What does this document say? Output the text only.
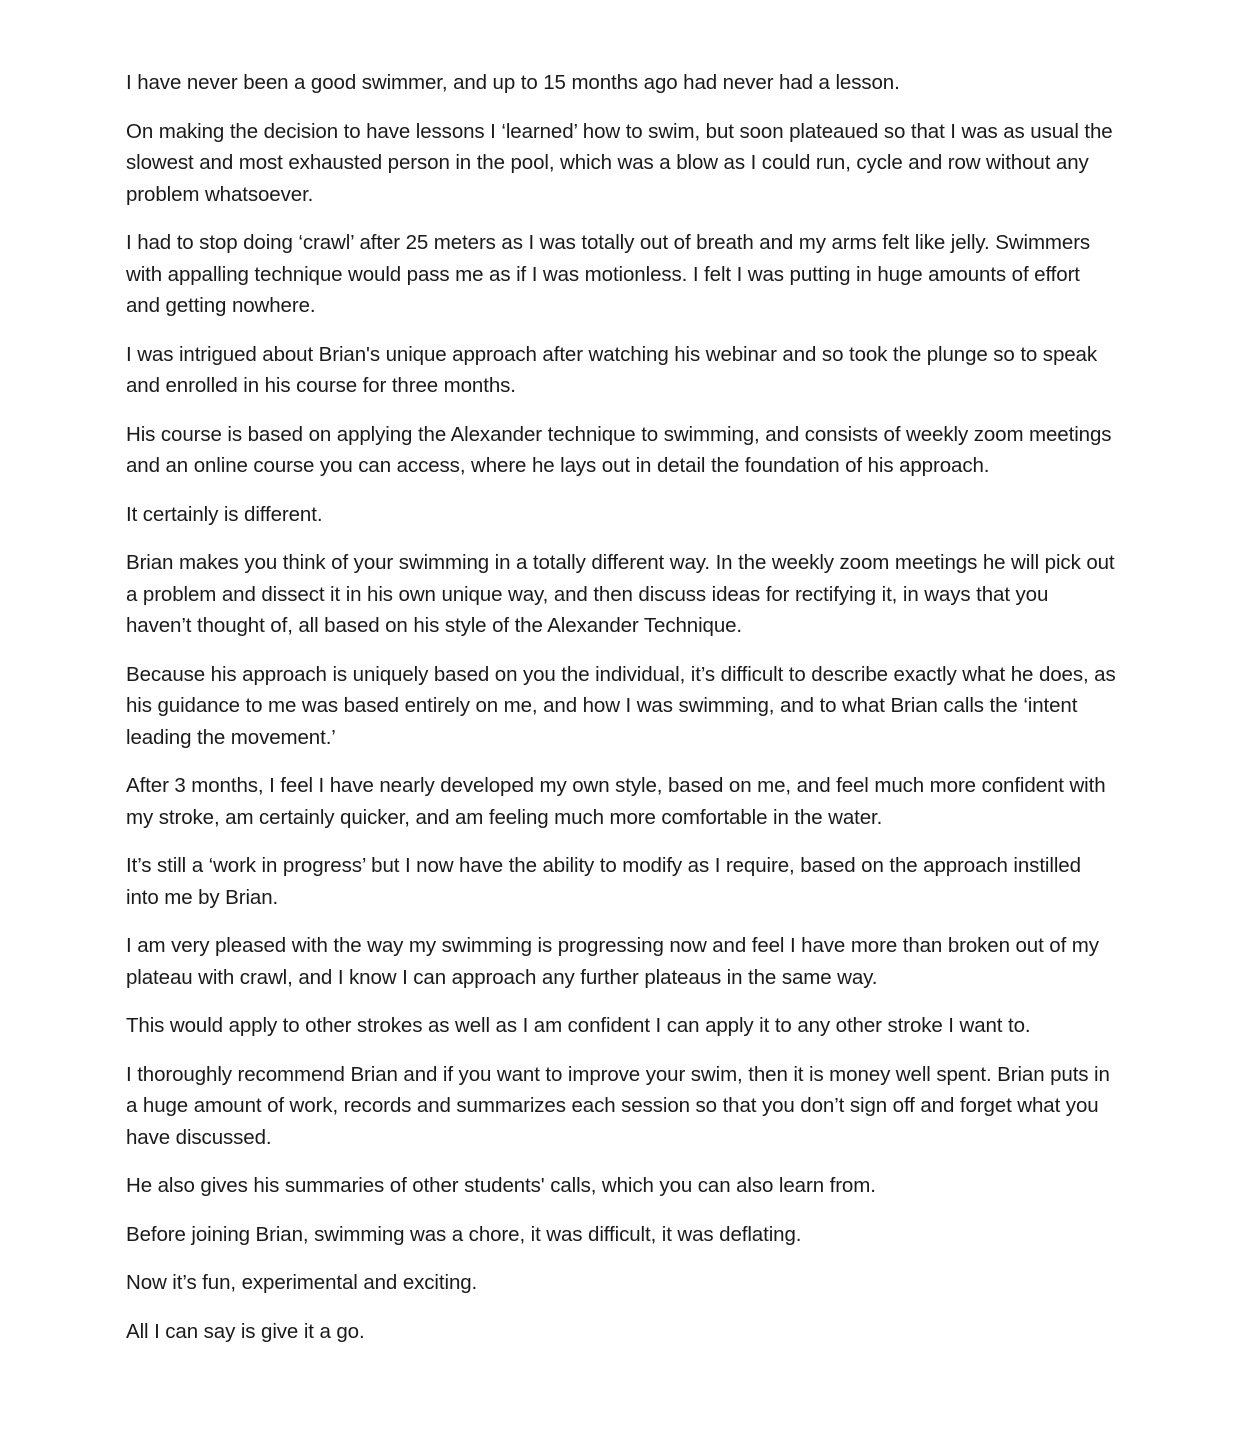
I have never been a good swimmer, and up to 15 months ago had never had a lesson.

On making the decision to have lessons I ‘learned’ how to swim, but soon plateaued so that I was as usual the slowest and most exhausted person in the pool, which was a blow as I could run, cycle and row without any problem whatsoever.

I had to stop doing ‘crawl’ after 25 meters as I was totally out of breath and my arms felt like jelly. Swimmers with appalling technique would pass me as if I was motionless. I felt I was putting in huge amounts of effort and getting nowhere.

I was intrigued about Brian's unique approach after watching his webinar and so took the plunge so to speak and enrolled in his course for three months.

His course is based on applying the Alexander technique to swimming, and consists of weekly zoom meetings and an online course you can access, where he lays out in detail the foundation of his approach.

It certainly is different.

Brian makes you think of your swimming in a totally different way. In the weekly zoom meetings he will pick out a problem and dissect it in his own unique way, and then discuss ideas for rectifying it, in ways that you haven’t thought of, all based on his style of the Alexander Technique.

Because his approach is uniquely based on you the individual, it’s difficult to describe exactly what he does, as his guidance to me was based entirely on me, and how I was swimming, and to what Brian calls the ‘intent leading the movement.’

After 3 months, I feel I have nearly developed my own style, based on me, and feel much more confident with my stroke, am certainly quicker, and am feeling much more comfortable in the water.

It’s still a ‘work in progress’ but I now have the ability to modify as I require, based on the approach instilled into me by Brian.

I am very pleased with the way my swimming is progressing now and feel I have more than broken out of my plateau with crawl, and I know I can approach any further plateaus in the same way.

This would apply to other strokes as well as I am confident I can apply it to any other stroke I want to.

I thoroughly recommend Brian and if you want to improve your swim, then it is money well spent. Brian puts in a huge amount of work, records and summarizes each session so that you don’t sign off and forget what you have discussed.

He also gives his summaries of other students' calls, which you can also learn from.

Before joining Brian, swimming was a chore, it was difficult, it was deflating.

Now it’s fun, experimental and exciting.

All I can say is give it a go.
